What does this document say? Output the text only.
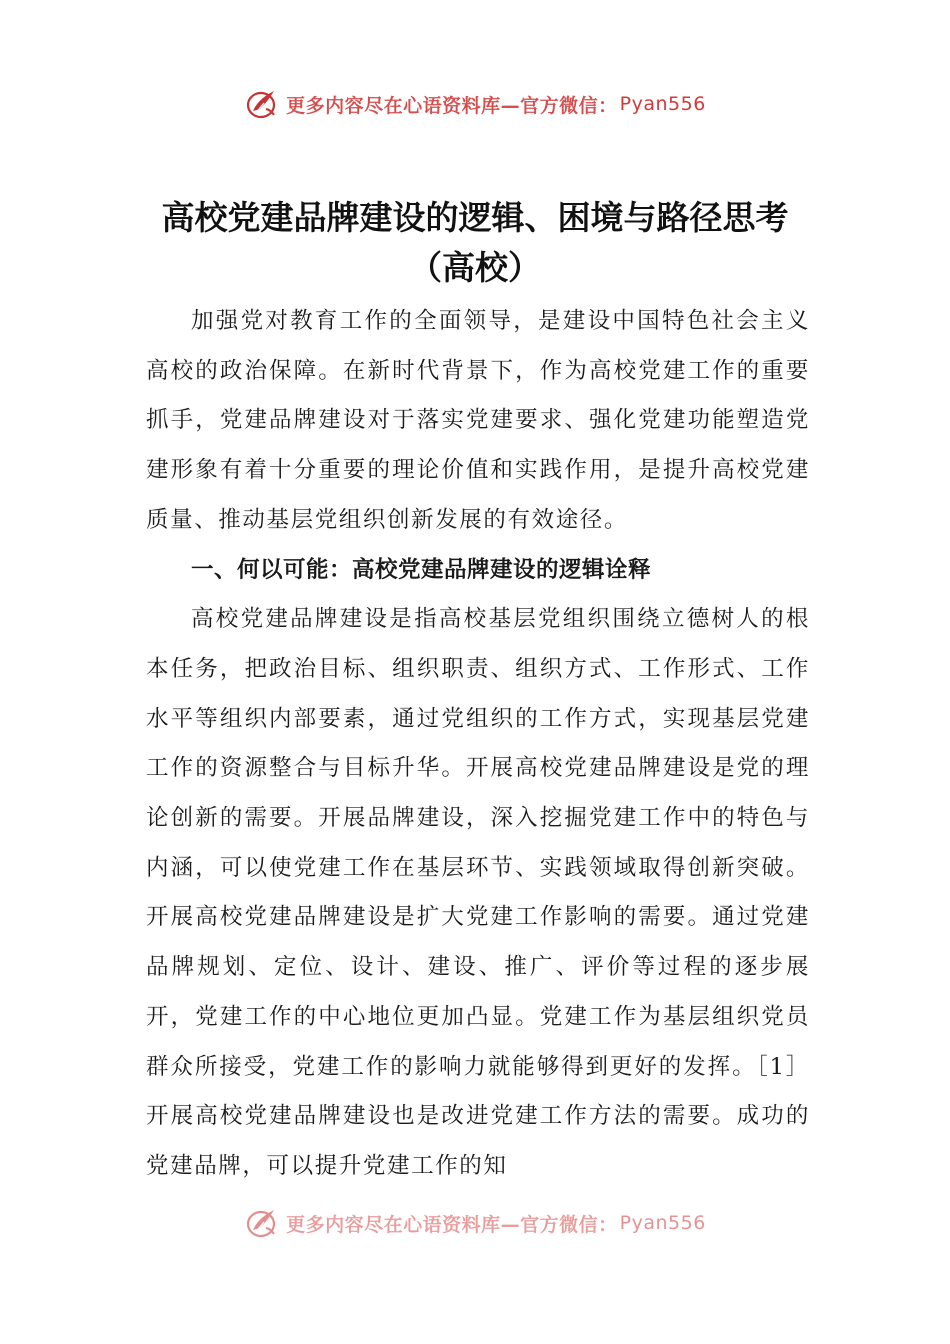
更多内容尽在心语资料库—官方微信： Pyan556
高校党建品牌建设的逻辑、困境与路径思考（高校）

加强党对教育工作的全面领导，是建设中国特色社会主义高校的政治保障。在新时代背景下，作为高校党建工作的重要抓手，党建品牌建设对于落实党建要求、强化党建功能塑造党建形象有着十分重要的理论价值和实践作用，是提升高校党建质量、推动基层党组织创新发展的有效途径。

一、何以可能：高校党建品牌建设的逻辑诠释

高校党建品牌建设是指高校基层党组织围绕立德树人的根本任务，把政治目标、组织职责、组织方式、工作形式、工作水平等组织内部要素，通过党组织的工作方式，实现基层党建工作的资源整合与目标升华。开展高校党建品牌建设是党的理论创新的需要。开展品牌建设，深入挖掘党建工作中的特色与内涵，可以使党建工作在基层环节、实践领域取得创新突破。开展高校党建品牌建设是扩大党建工作影响的需要。通过党建品牌规划、定位、设计、建设、推广、评价等过程的逐步展开，党建工作的中心地位更加凸显。党建工作为基层组织党员群众所接受，党建工作的影响力就能够得到更好的发挥。［1］开展高校党建品牌建设也是改进党建工作方法的需要。成功的党建品牌，可以提升党建工作的知

更多内容尽在心语资料库—官方微信： Pyan556
